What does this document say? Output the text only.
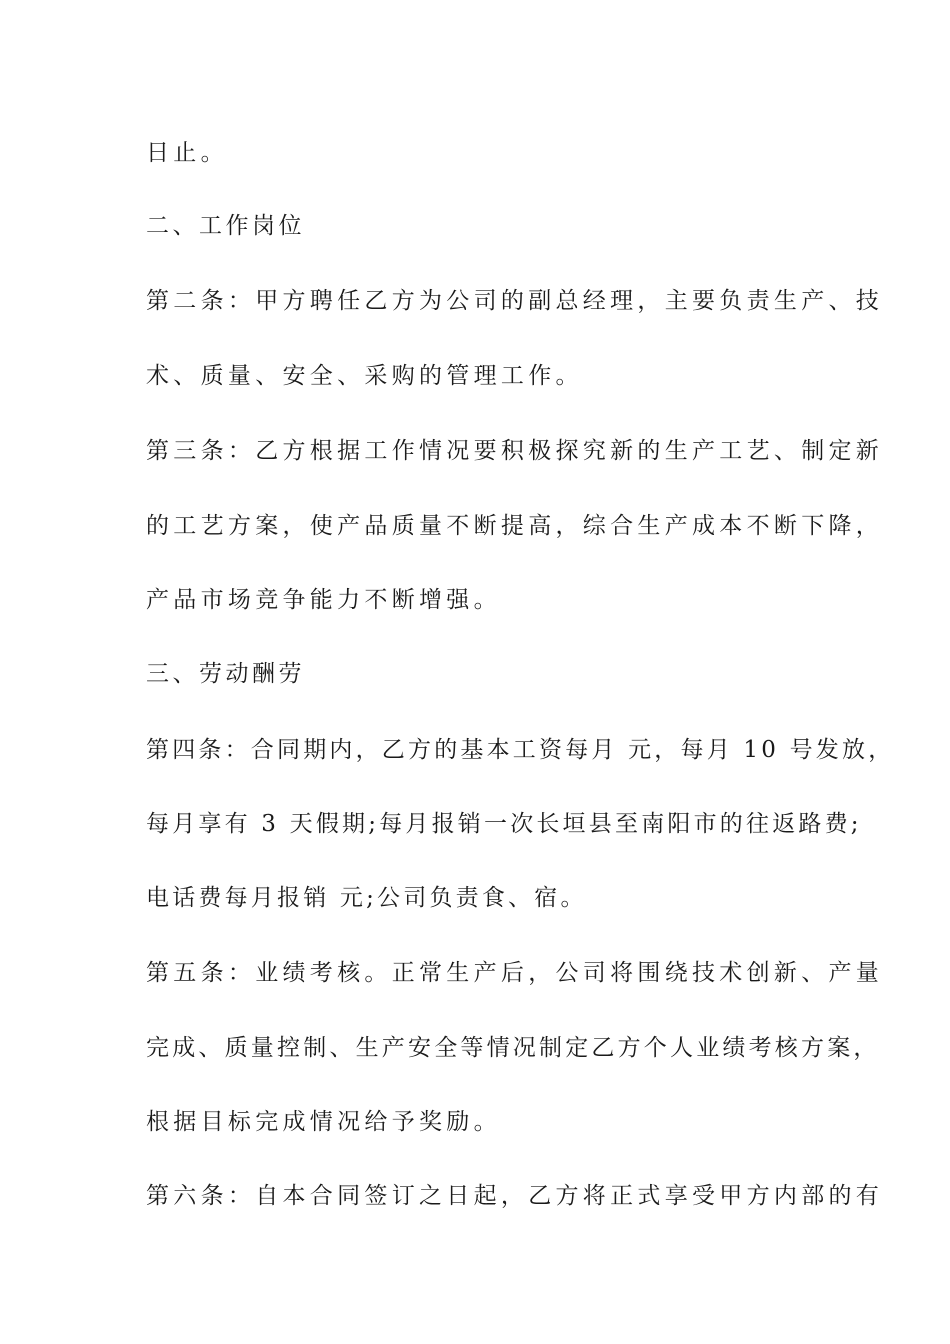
日止。
二、工作岗位
第二条：甲方聘任乙方为公司的副总经理，主要负责生产、技
术、质量、安全、采购的管理工作。
第三条：乙方根据工作情况要积极探究新的生产工艺、制定新
的工艺方案，使产品质量不断提高，综合生产成本不断下降，
产品市场竞争能力不断增强。
三、劳动酬劳
第四条：合同期内，乙方的基本工资每月 元，每月 10 号发放，
每月享有 3 天假期;每月报销一次长垣县至南阳市的往返路费;
电话费每月报销 元;公司负责食、宿。
第五条：业绩考核。正常生产后，公司将围绕技术创新、产量
完成、质量控制、生产安全等情况制定乙方个人业绩考核方案，
根据目标完成情况给予奖励。
第六条：自本合同签订之日起，乙方将正式享受甲方内部的有
